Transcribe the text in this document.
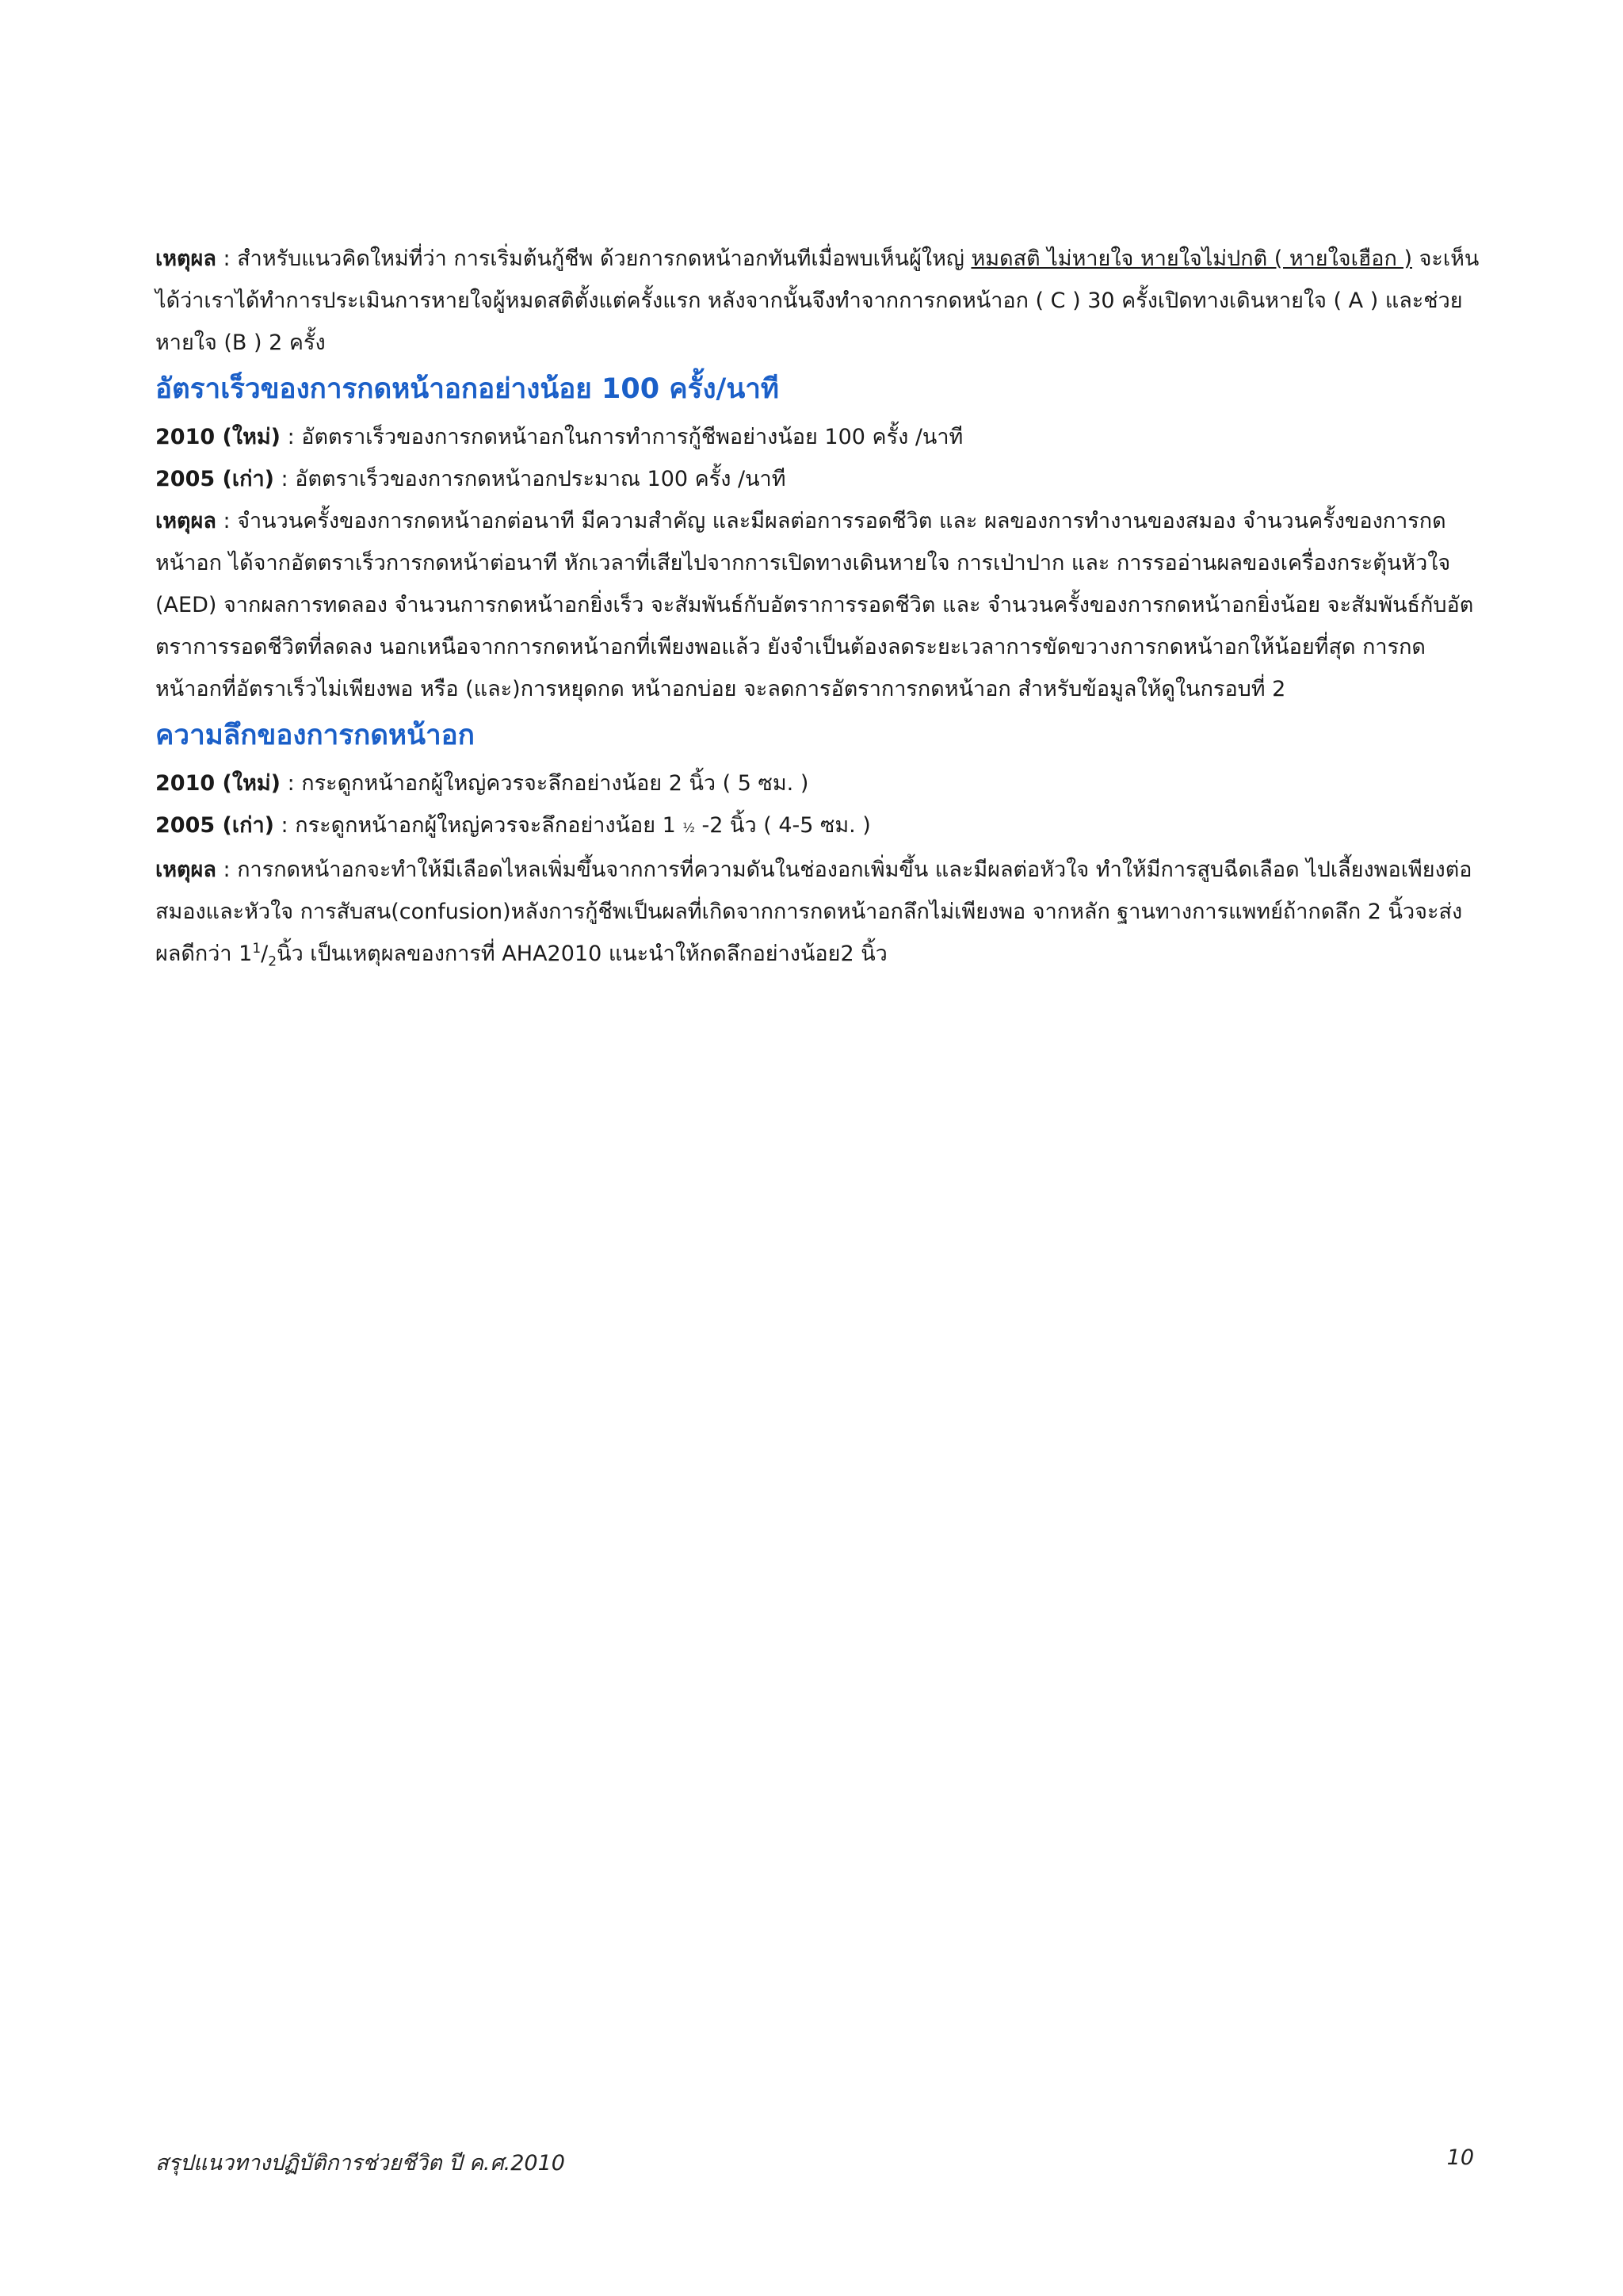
เหตุผล : สำหรับแนวคิดใหม่ที่ว่า การเริ่มต้นกู้ชีพ ด้วยการกดหน้าอกทันทีเมื่อพบเห็นผู้ใหญ่ หมดสติ ไม่หายใจ หายใจไม่ปกติ ( หายใจเฮือก ) จะเห็นได้ว่าเราได้ทำการประเมินการหายใจผู้หมดสติตั้งแต่ครั้งแรก หลังจากนั้นจึงทำจากการกดหน้าอก ( C ) 30 ครั้งเปิดทางเดินหายใจ ( A ) และช่วยหายใจ (B ) 2 ครั้ง

อัตราเร็วของการกดหน้าอกอย่างน้อย 100 ครั้ง/นาที

2010 (ใหม่) : อัตตราเร็วของการกดหน้าอกในการทำการกู้ชีพอย่างน้อย 100 ครั้ง /นาที

2005 (เก่า) : อัตตราเร็วของการกดหน้าอกประมาณ 100 ครั้ง /นาที

เหตุผล : จำนวนครั้งของการกดหน้าอกต่อนาที มีความสำคัญ และมีผลต่อการรอดชีวิต และ ผลของการทำงานของสมอง จำนวนครั้งของการกดหน้าอก ได้จากอัตตราเร็วการกดหน้าต่อนาที หักเวลาที่เสียไปจากการเปิดทางเดินหายใจ การเป่าปาก และ การรออ่านผลของเครื่องกระตุ้นหัวใจ (AED) จากผลการทดลอง จำนวนการกดหน้าอกยิ่งเร็ว จะสัมพันธ์กับอัตราการรอดชีวิต และ จำนวนครั้งของการกดหน้าอกยิ่งน้อย จะสัมพันธ์กับอัตตราการรอดชีวิตที่ลดลง นอกเหนือจากการกดหน้าอกที่เพียงพอแล้ว ยังจำเป็นต้องลดระยะเวลาการขัดขวางการกดหน้าอกให้น้อยที่สุด การกดหน้าอกที่อัตราเร็วไม่เพียงพอ หรือ (และ)การหยุดกด หน้าอกบ่อย จะลดการอัตราการกดหน้าอก สำหรับข้อมูลให้ดูในกรอบที่ 2

ความลึกของการกดหน้าอก

2010 (ใหม่) : กระดูกหน้าอกผู้ใหญ่ควรจะลึกอย่างน้อย 2 นิ้ว ( 5 ซม. )

2005 (เก่า) : กระดูกหน้าอกผู้ใหญ่ควรจะลึกอย่างน้อย 1 ½ -2 นิ้ว ( 4-5 ซม. )

เหตุผล : การกดหน้าอกจะทำให้มีเลือดไหลเพิ่มขึ้นจากการที่ความดันในช่องอกเพิ่มขึ้น และมีผลต่อหัวใจ ทำให้มีการสูบฉีดเลือด ไปเลี้ยงพอเพียงต่อสมองและหัวใจ การสับสน(confusion)หลังการกู้ชีพเป็นผลที่เกิดจากการกดหน้าอกลึกไม่เพียงพอ จากหลัก ฐานทางการแพทย์ถ้ากดลึก 2 นิ้วจะส่งผลดีกว่า $1^1/_2$นิ้ว เป็นเหตุผลของการที่ AHA2010 แนะนำให้กดลึกอย่างน้อย2 นิ้ว

สรุปแนวทางปฏิบัติการช่วยชีวิต ปี ค.ศ.2010	10
